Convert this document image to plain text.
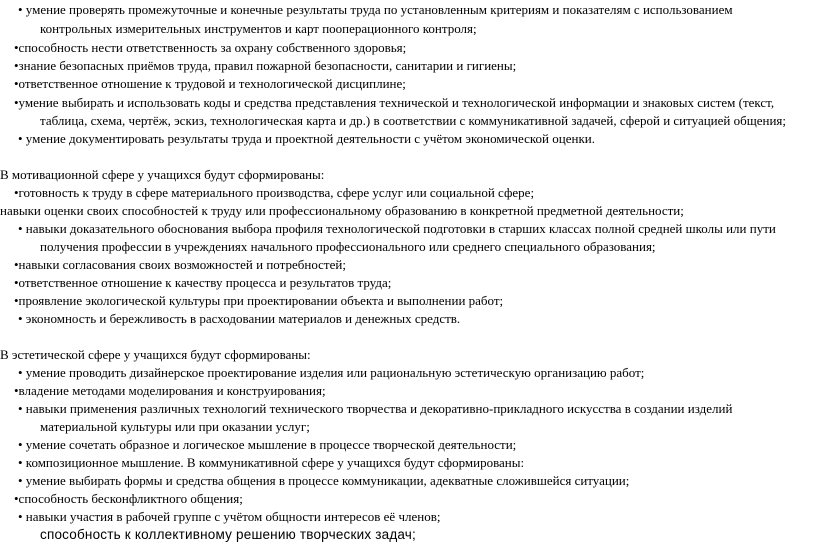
• умение проверять промежуточные и конечные результаты труда по установленным критериям и показателям с использованием
контрольных измерительных инструментов и карт пооперационного контроля;
•способность нести ответственность за охрану собственного здоровья;
•знание безопасных приёмов труда, правил пожарной безопасности, санитарии и гигиены;
•ответственное отношение к трудовой и технологической дисциплине;
•умение выбирать и использовать коды и средства представления технической и технологической информации и знаковых систем (текст,
таблица, схема, чертёж, эскиз, технологическая карта и др.) в соответствии с коммуникативной задачей, сферой и ситуацией общения;
• умение документировать результаты труда и проектной деятельности с учётом экономической оценки.
В мотивационной сфере у учащихся будут сформированы:
•готовность к труду в сфере материального производства, сфере услуг или социальной сфере;
навыки оценки своих способностей к труду или профессиональному образованию в конкретной предметной деятельности;
• навыки доказательного обоснования выбора профиля технологической подготовки в старших классах полной средней школы или пути
получения профессии в учреждениях начального профессионального или среднего специального образования;
•навыки согласования своих возможностей и потребностей;
•ответственное отношение к качеству процесса и результатов труда;
•проявление экологической культуры при проектировании объекта и выполнении работ;
• экономность и бережливость в расходовании материалов и денежных средств.
В эстетической сфере у учащихся будут сформированы:
• умение проводить дизайнерское проектирование изделия или рациональную эстетическую организацию работ;
•владение методами моделирования и конструирования;
• навыки применения различных технологий технического творчества и декоративно-прикладного искусства в создании изделий
материальной культуры или при оказании услуг;
• умение сочетать образное и логическое мышление в процессе творческой деятельности;
• композиционное мышление. В коммуникативной сфере у учащихся будут сформированы:
• умение выбирать формы и средства общения в процессе коммуникации, адекватные сложившейся ситуации;
•способность бесконфликтного общения;
• навыки участия в рабочей группе с учётом общности интересов её членов;
способность к коллективному решению творческих задач;
